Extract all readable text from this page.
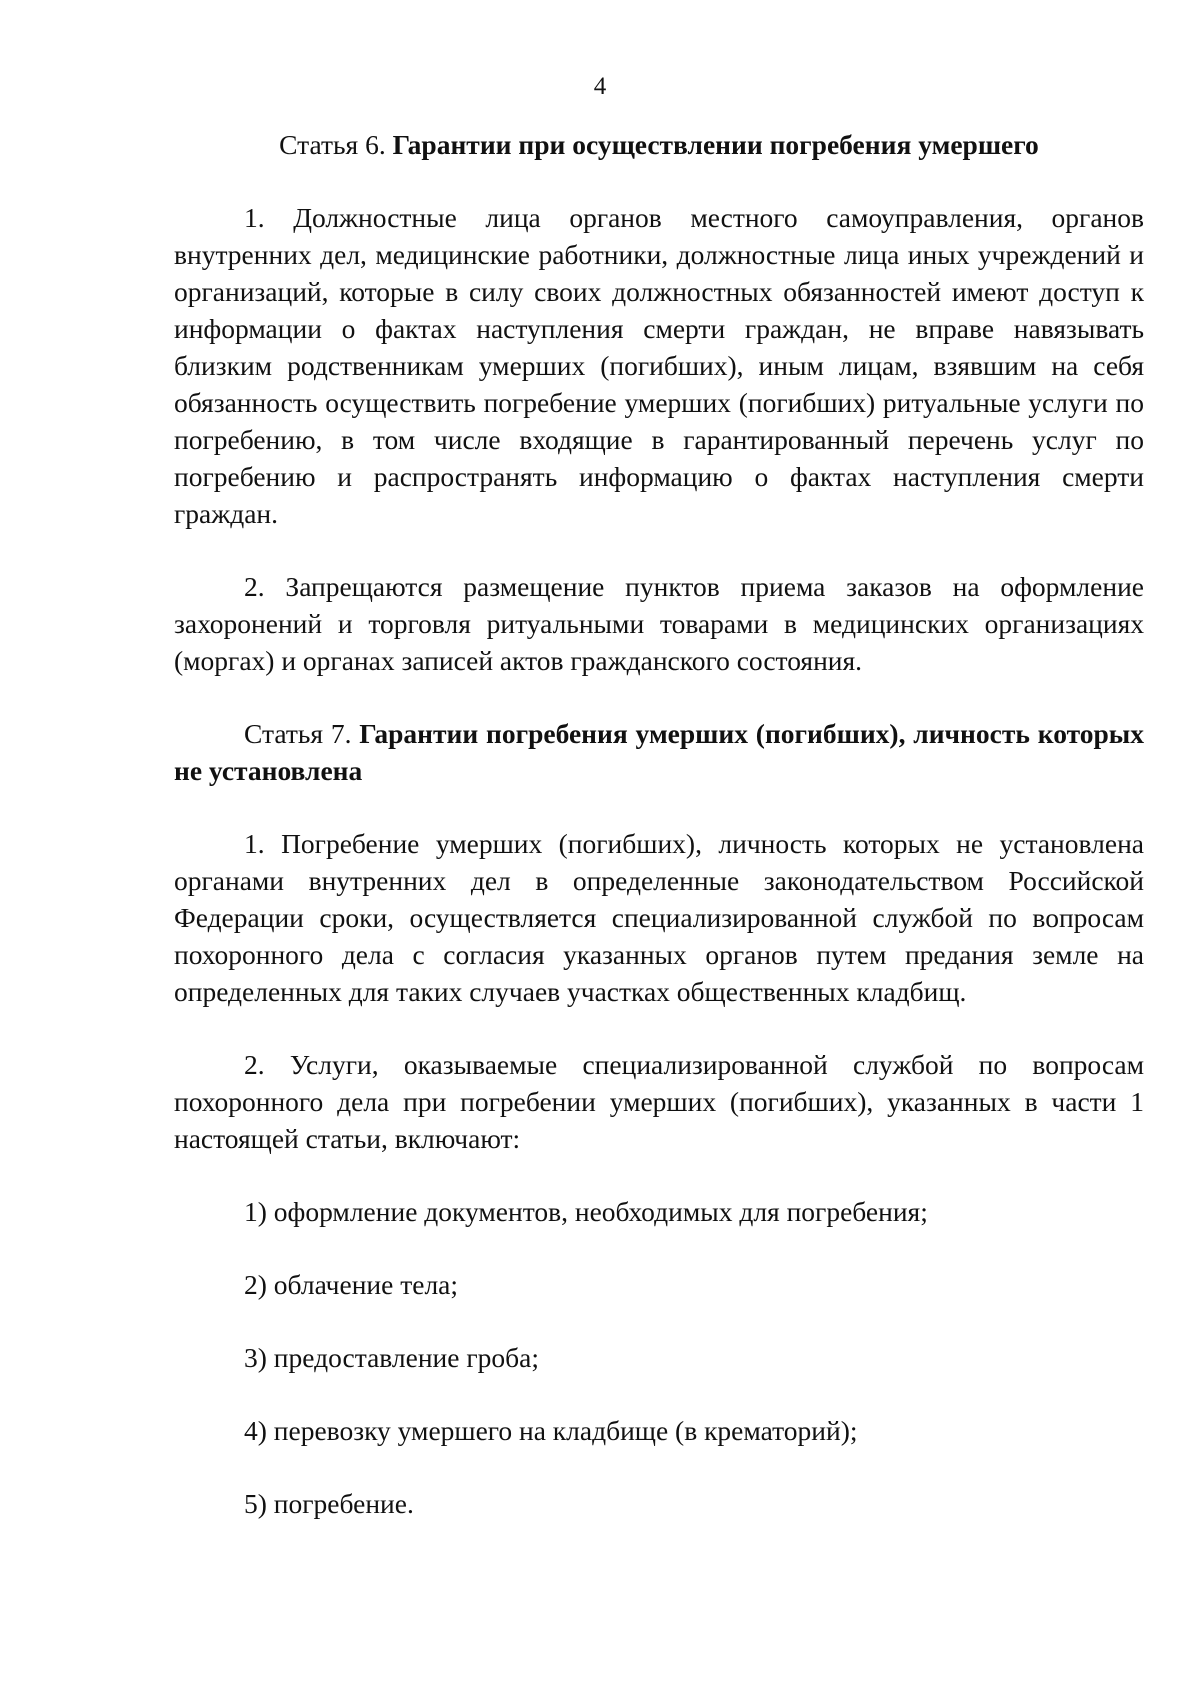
4

Статья 6. Гарантии при осуществлении погребения умершего

1. Должностные лица органов местного самоуправления, органов внутренних дел, медицинские работники, должностные лица иных учреждений и организаций, которые в силу своих должностных обязанностей имеют доступ к информации о фактах наступления смерти граждан, не вправе навязывать близким родственникам умерших (погибших), иным лицам, взявшим на себя обязанность осуществить погребение умерших (погибших) ритуальные услуги по погребению, в том числе входящие в гарантированный перечень услуг по погребению и распространять информацию о фактах наступления смерти граждан.

2. Запрещаются размещение пунктов приема заказов на оформление захоронений и торговля ритуальными товарами в медицинских организациях (моргах) и органах записей актов гражданского состояния.

Статья 7. Гарантии погребения умерших (погибших), личность которых не установлена

1. Погребение умерших (погибших), личность которых не установлена органами внутренних дел в определенные законодательством Российской Федерации сроки, осуществляется специализированной службой по вопросам похоронного дела с согласия указанных органов путем предания земле на определенных для таких случаев участках общественных кладбищ.

2. Услуги, оказываемые специализированной службой по вопросам похоронного дела при погребении умерших (погибших), указанных в части 1 настоящей статьи, включают:

1) оформление документов, необходимых для погребения;

2) облачение тела;

3) предоставление гроба;

4) перевозку умершего на кладбище (в крематорий);

5) погребение.
